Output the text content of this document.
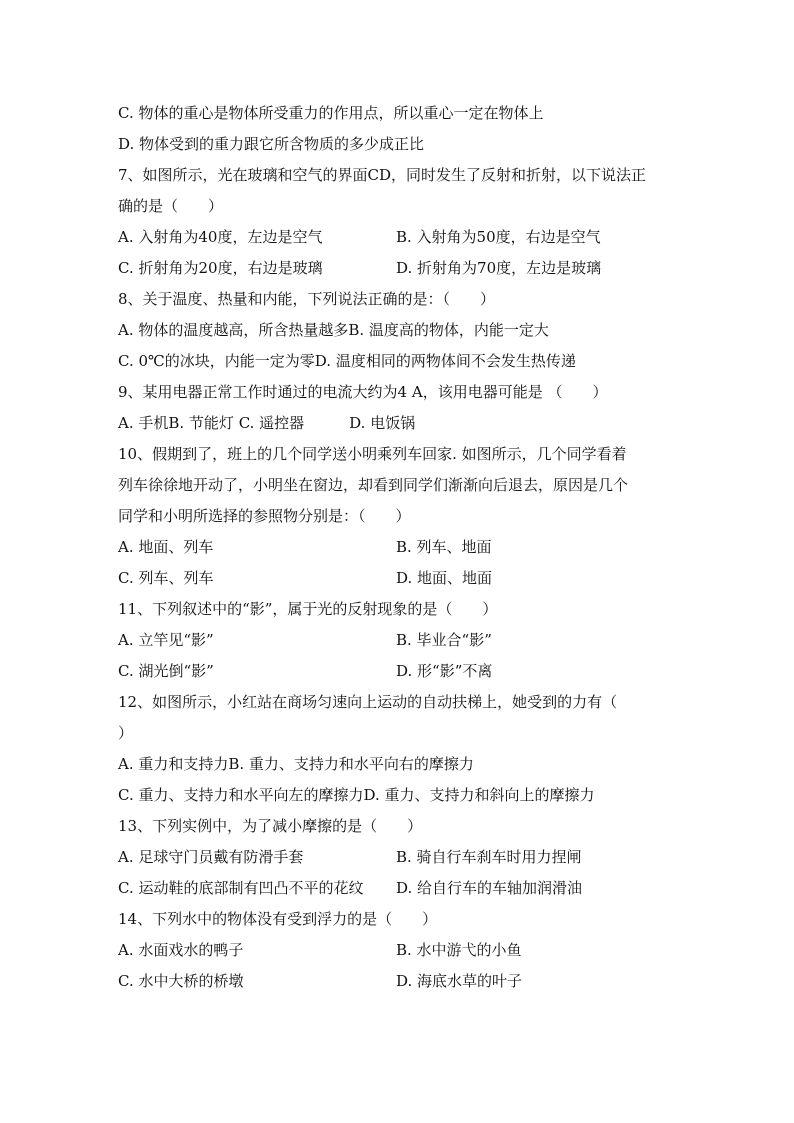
C. 物体的重心是物体所受重力的作用点，所以重心一定在物体上
D. 物体受到的重力跟它所含物质的多少成正比
7、如图所示，光在玻璃和空气的界面CD，同时发生了反射和折射，以下说法正
确的是（　　）
A. 入射角为40度，左边是空气	B. 入射角为50度，右边是空气
C. 折射角为20度，右边是玻璃	D. 折射角为70度，左边是玻璃
8、关于温度、热量和内能，下列说法正确的是：（　　）
A. 物体的温度越高，所含热量越多B. 温度高的物体，内能一定大
C. 0℃的冰块，内能一定为零D. 温度相同的两物体间不会发生热传递
9、某用电器正常工作时通过的电流大约为4 A，该用电器可能是 （　　）
A. 手机B. 节能灯 C. 遥控器　　　D. 电饭锅
10、假期到了，班上的几个同学送小明乘列车回家. 如图所示，几个同学看着
列车徐徐地开动了，小明坐在窗边，却看到同学们渐渐向后退去，原因是几个
同学和小明所选择的参照物分别是：（　　）
A. 地面、列车	B. 列车、地面
C. 列车、列车	D. 地面、地面
11、下列叙述中的“影”，属于光的反射现象的是（　　）
A. 立竿见“影”	B. 毕业合“影”
C. 湖光倒“影”	D. 形“影”不离
12、如图所示，小红站在商场匀速向上运动的自动扶梯上，她受到的力有（
）
A. 重力和支持力B. 重力、支持力和水平向右的摩擦力
C. 重力、支持力和水平向左的摩擦力D. 重力、支持力和斜向上的摩擦力
13、下列实例中，为了减小摩擦的是（　　）
A. 足球守门员戴有防滑手套	B. 骑自行车刹车时用力捏闸
C. 运动鞋的底部制有凹凸不平的花纹	D. 给自行车的车轴加润滑油
14、下列水中的物体没有受到浮力的是（　　）
A. 水面戏水的鸭子	B. 水中游弋的小鱼
C. 水中大桥的桥墩	D. 海底水草的叶子
